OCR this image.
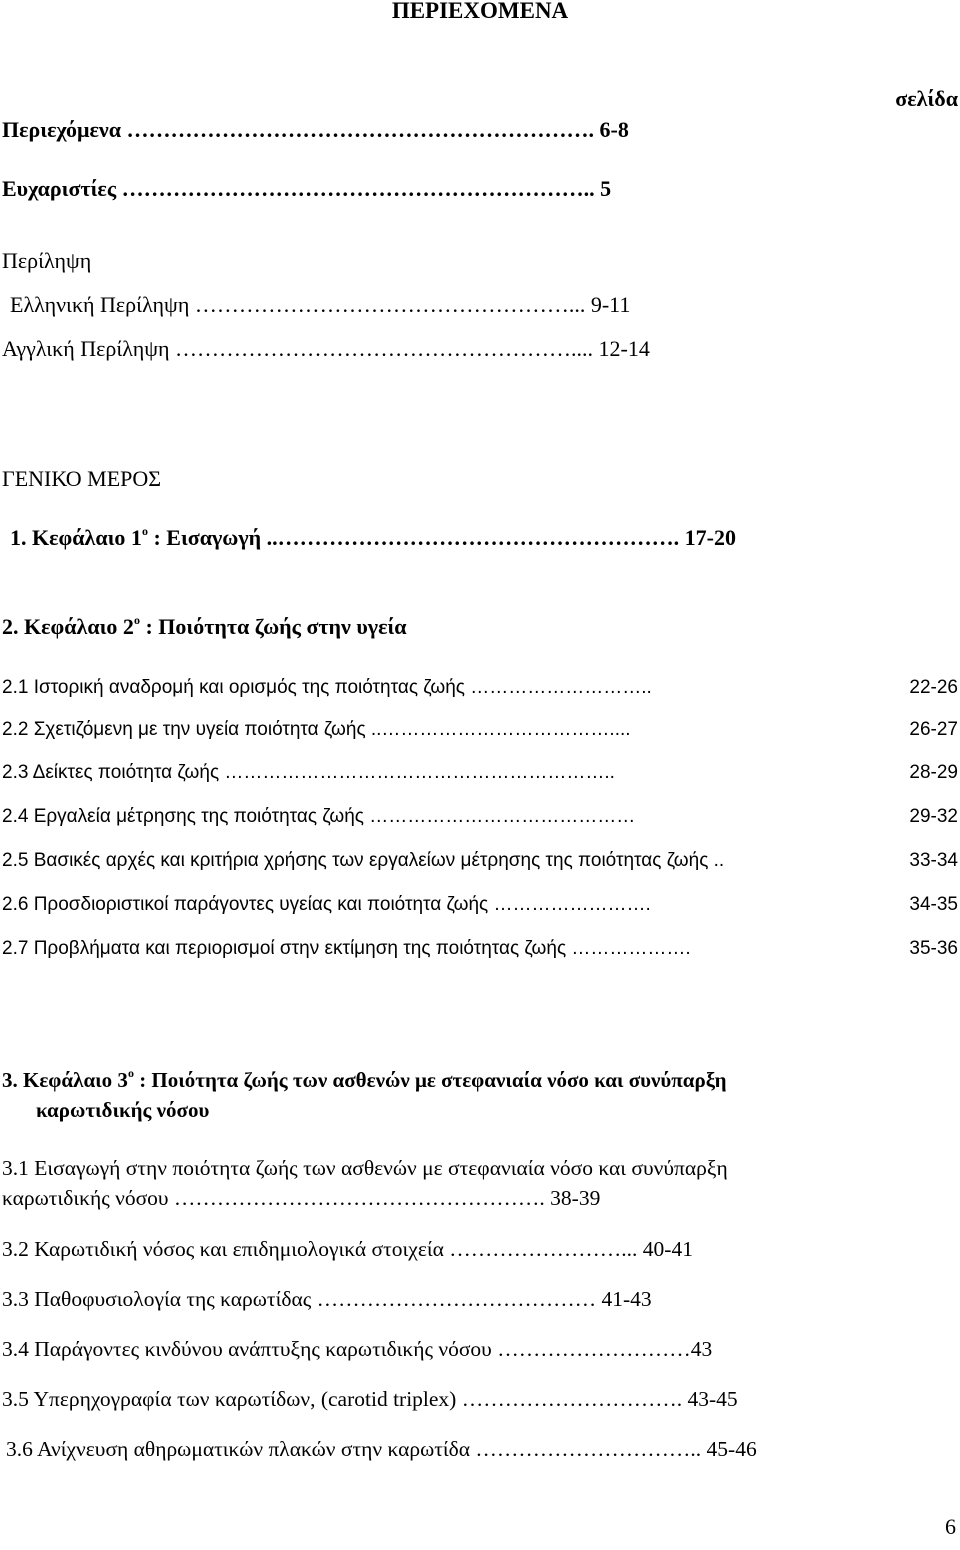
ΠΕΡΙΕΧΟΜΕΝΑ
σελίδα
Περιεχόμενα ………………………………………………………. 6-8
Ευχαριστίες ……………………………………………………….. 5
Περίληψη
Ελληνική Περίληψη ……………………………………………... 9-11
Αγγλική Περίληψη ……………………………………………….... 12-14
ΓΕΝΙΚΟ ΜΕΡΟΣ
1. Κεφάλαιο $1^o$ : Εισαγωγή ..………………………………………………. 17-20
2. Κεφάλαιο $2^o$ : Ποιότητα ζωής στην υγεία
2.1 Ιστορική αναδρομή και ορισμός της ποιότητας ζωής ………………………..	22-26
2.2 Σχετιζόμενη με την υγεία ποιότητα ζωής ..………………………………....	26-27
2.3 Δείκτες ποιότητα ζωής ……………………………………………………..	28-29
2.4 Εργαλεία μέτρησης της ποιότητας ζωής ……………………………………	29-32
2.5 Βασικές αρχές και κριτήρια χρήσης των εργαλείων μέτρησης της ποιότητας ζωής ..	33-34
2.6 Προσδιοριστικοί παράγοντες υγείας και ποιότητα ζωής …………………….	34-35
2.7 Προβλήματα και περιορισμοί στην εκτίμηση της ποιότητας ζωής ……………….	35-36
3. Κεφάλαιο $3^o$ : Ποιότητα ζωής των ασθενών με στεφανιαία νόσο και συνύπαρξη
καρωτιδικής νόσου
3.1 Εισαγωγή στην ποιότητα ζωής των ασθενών με στεφανιαία νόσο και συνύπαρξη
καρωτιδικής νόσου ……………………………………………. 38-39
3.2 Καρωτιδική νόσος και επιδημιολογικά στοιχεία ……………………... 40-41
3.3 Παθοφυσιολογία της καρωτίδας ………………………………… 41-43
3.4 Παράγοντες κινδύνου ανάπτυξης καρωτιδικής νόσου ………………………43
3.5 Υπερηχογραφία των καρωτίδων, (carotid triplex) …………………………. 43-45
3.6 Ανίχνευση αθηρωματικών πλακών στην καρωτίδα ………………………….. 45-46
6
